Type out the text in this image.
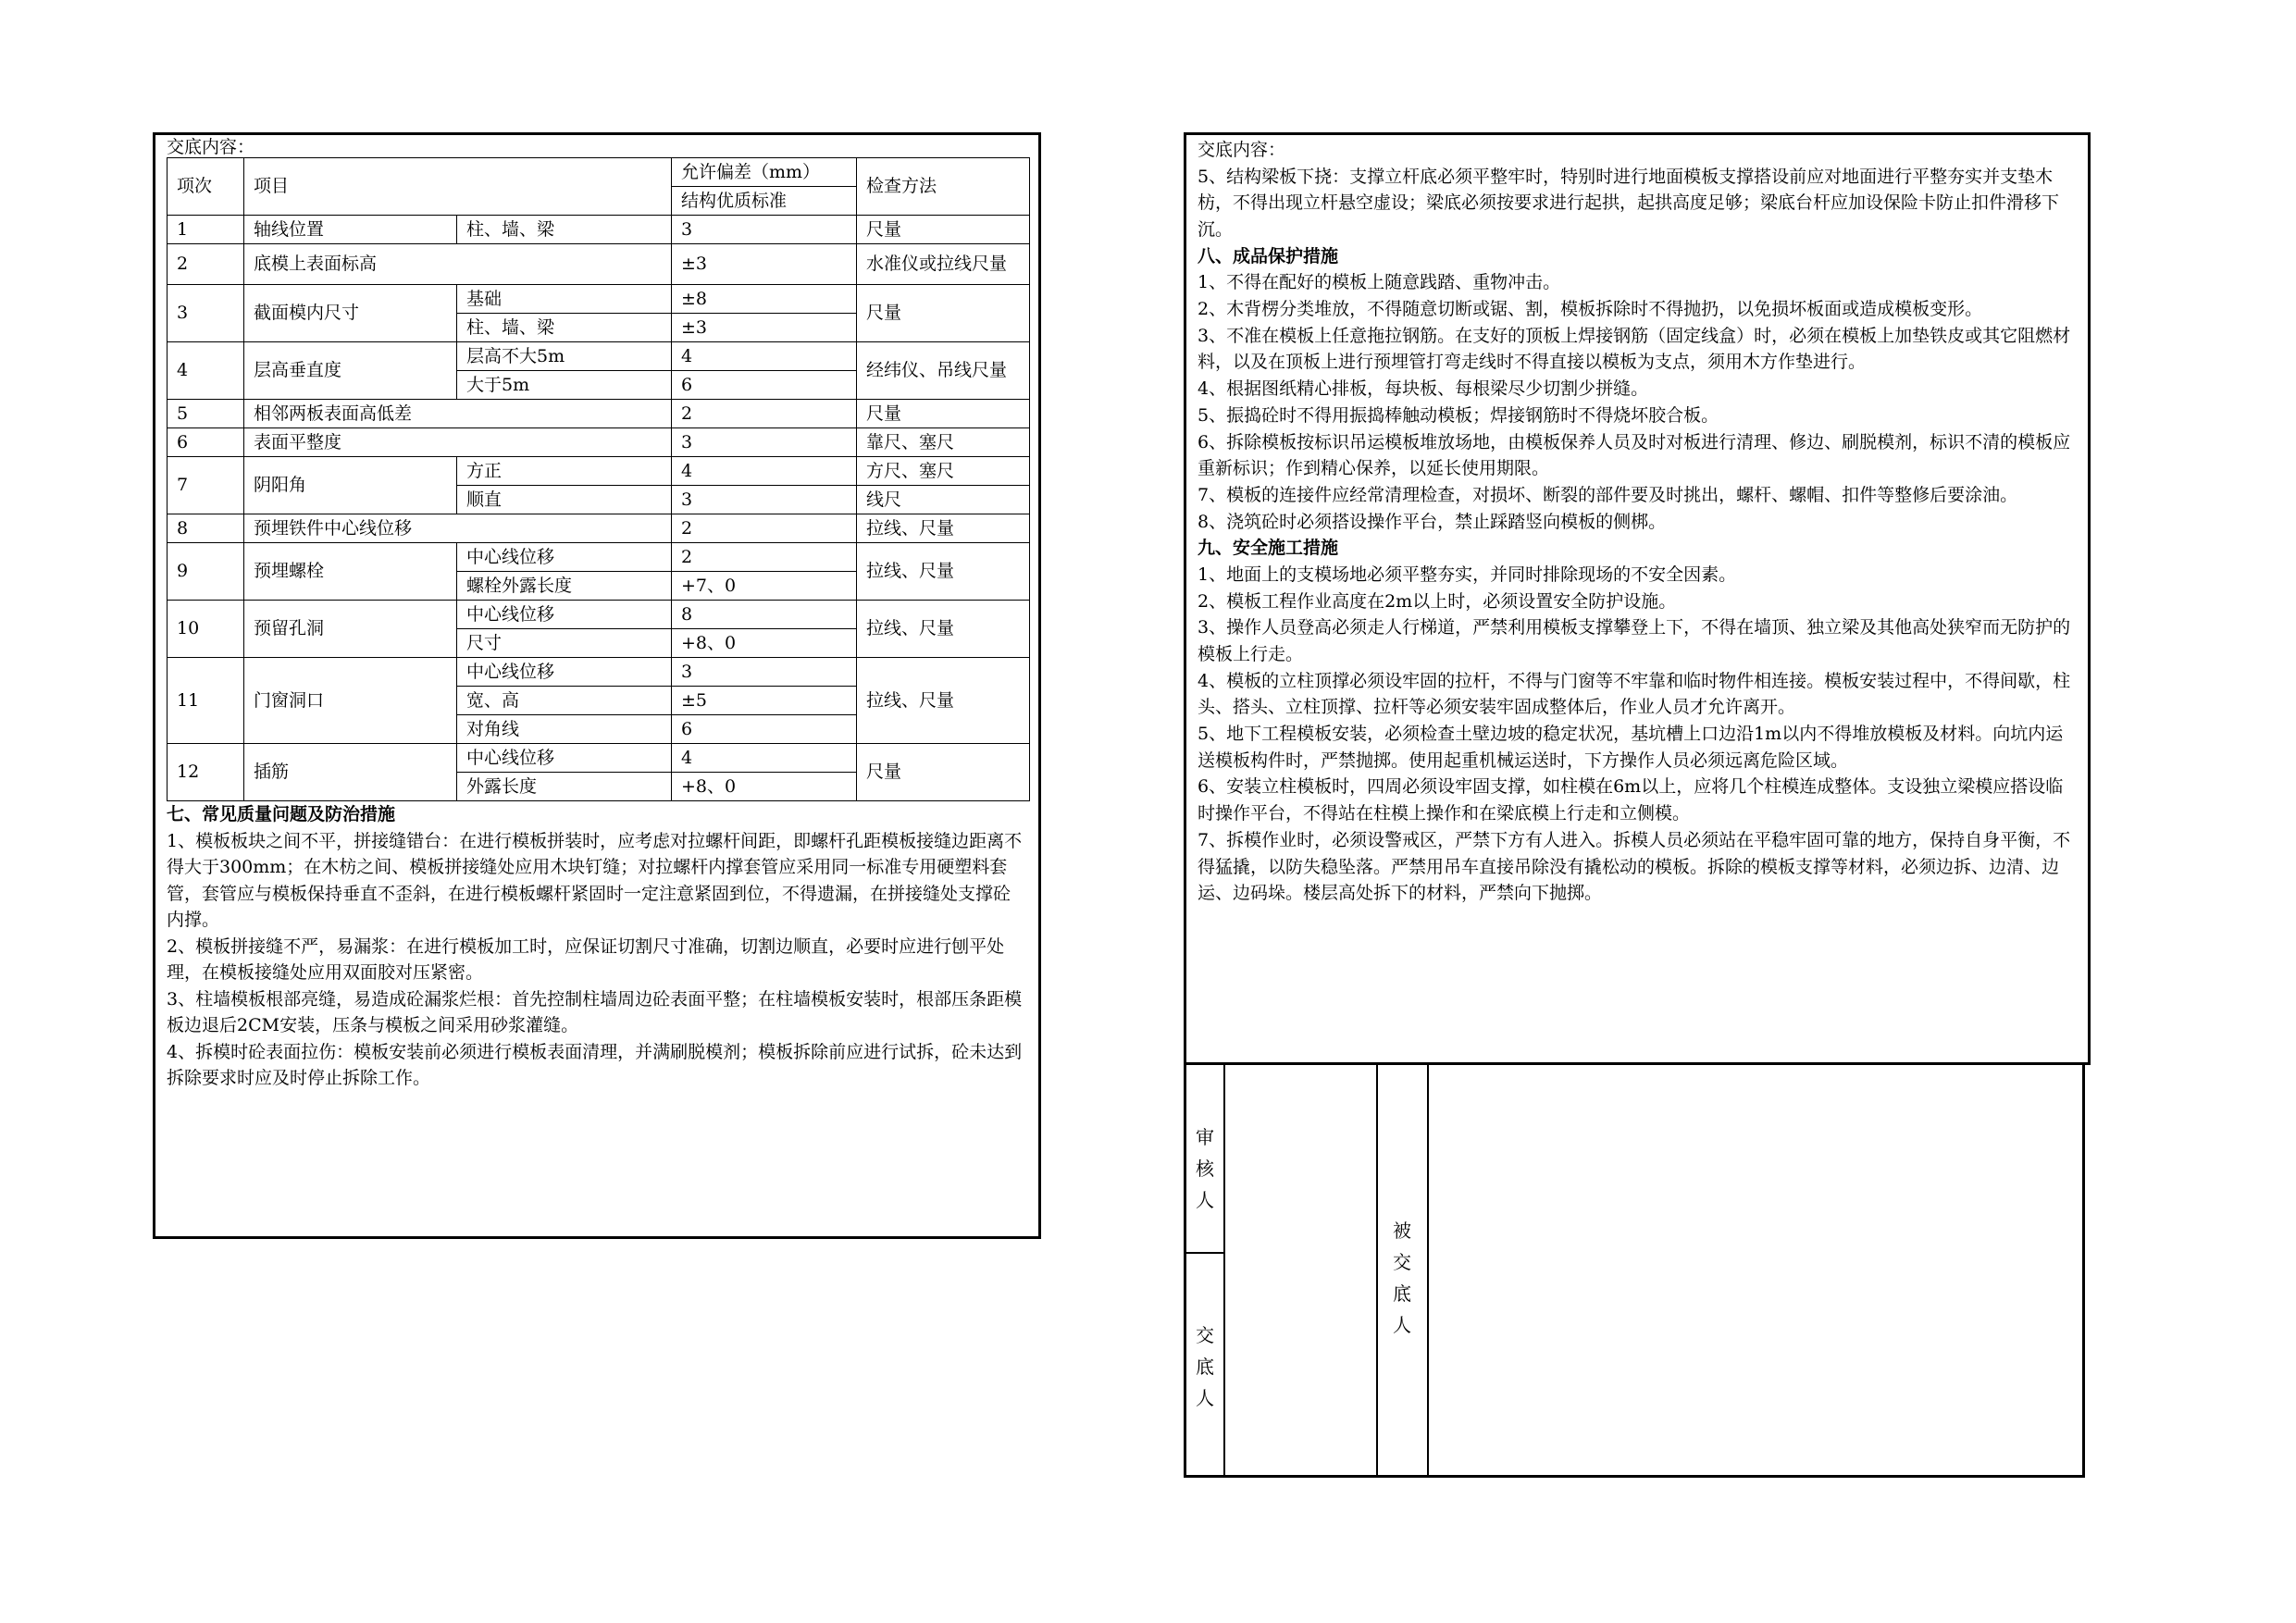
交底内容：
项次	项目		允许偏差（mm）	检查方法
			结构优质标准	
1	轴线位置	柱、墙、梁	3	尺量
2	底模上表面标高		±3	水准仪或拉线尺量
3	截面模内尺寸	基础	±8	尺量
		柱、墙、梁	±3	
4	层高垂直度	层高不大5m	4	经纬仪、吊线尺量
		大于5m	6	
5	相邻两板表面高低差		2	尺量
6	表面平整度		3	靠尺、塞尺
7	阴阳角	方正	4	方尺、塞尺
		顺直	3	线尺
8	预埋铁件中心线位移		2	拉线、尺量
9	预埋螺栓	中心线位移	2	拉线、尺量
		螺栓外露长度	+7、0	
10	预留孔洞	中心线位移	8	拉线、尺量
		尺寸	+8、0	
11	门窗洞口	中心线位移	3	拉线、尺量
		宽、高	±5	
		对角线	6	
12	插筋	中心线位移	4	尺量
		外露长度	+8、0	

七、常见质量问题及防治措施

1、模板板块之间不平，拼接缝错台：在进行模板拼装时，应考虑对拉螺杆间距，即螺杆孔距模板接缝边距离不得大于300mm；在木枋之间、模板拼接缝处应用木块钉缝；对拉螺杆内撑套管应采用同一标准专用硬塑料套管，套管应与模板保持垂直不歪斜，在进行模板螺杆紧固时一定注意紧固到位，不得遗漏，在拼接缝处支撑砼内撑。

2、模板拼接缝不严，易漏浆：在进行模板加工时，应保证切割尺寸准确，切割边顺直，必要时应进行刨平处理，在模板接缝处应用双面胶对压紧密。

3、柱墙模板根部亮缝，易造成砼漏浆烂根：首先控制柱墙周边砼表面平整；在柱墙模板安装时，根部压条距模板边退后2CM安装，压条与模板之间采用砂浆灌缝。

4、拆模时砼表面拉伤：模板安装前必须进行模板表面清理，并满刷脱模剂；模板拆除前应进行试拆，砼未达到拆除要求时应及时停止拆除工作。

交底内容：

5、结构梁板下挠：支撑立杆底必须平整牢时，特别时进行地面模板支撑搭设前应对地面进行平整夯实并支垫木枋，不得出现立杆悬空虚设；梁底必须按要求进行起拱，起拱高度足够；梁底台杆应加设保险卡防止扣件滑移下沉。

八、成品保护措施

1、不得在配好的模板上随意践踏、重物冲击。

2、木背楞分类堆放，不得随意切断或锯、割，模板拆除时不得抛扔，以免损坏板面或造成模板变形。

3、不准在模板上任意拖拉钢筋。在支好的顶板上焊接钢筋（固定线盒）时，必须在模板上加垫铁皮或其它阻燃材料，以及在顶板上进行预埋管打弯走线时不得直接以模板为支点，须用木方作垫进行。

4、根据图纸精心排板，每块板、每根梁尽少切割少拼缝。

5、振捣砼时不得用振捣棒触动模板；焊接钢筋时不得烧坏胶合板。

6、拆除模板按标识吊运模板堆放场地，由模板保养人员及时对板进行清理、修边、刷脱模剂，标识不清的模板应重新标识；作到精心保养，以延长使用期限。

7、模板的连接件应经常清理检查，对损坏、断裂的部件要及时挑出，螺杆、螺帽、扣件等整修后要涂油。

8、浇筑砼时必须搭设操作平台，禁止踩踏竖向模板的侧梆。

九、安全施工措施

1、地面上的支模场地必须平整夯实，并同时排除现场的不安全因素。

2、模板工程作业高度在2m以上时，必须设置安全防护设施。

3、操作人员登高必须走人行梯道，严禁利用模板支撑攀登上下，不得在墙顶、独立梁及其他高处狭窄而无防护的模板上行走。

4、模板的立柱顶撑必须设牢固的拉杆，不得与门窗等不牢靠和临时物件相连接。模板安装过程中，不得间歇，柱头、搭头、立柱顶撑、拉杆等必须安装牢固成整体后，作业人员才允许离开。

5、地下工程模板安装，必须检查土壁边坡的稳定状况，基坑槽上口边沿1m以内不得堆放模板及材料。向坑内运送模板构件时，严禁抛掷。使用起重机械运送时，下方操作人员必须远离危险区域。

6、安装立柱模板时，四周必须设牢固支撑，如柱模在6m以上，应将几个柱模连成整体。支设独立梁模应搭设临时操作平台，不得站在柱模上操作和在梁底模上行走和立侧模。

7、拆模作业时，必须设警戒区，严禁下方有人进入。拆模人员必须站在平稳牢固可靠的地方，保持自身平衡，不得猛撬，以防失稳坠落。严禁用吊车直接吊除没有撬松动的模板。拆除的模板支撑等材料，必须边拆、边清、边运、边码垛。楼层高处拆下的材料，严禁向下抛掷。

审核人
交底人
被交底人
